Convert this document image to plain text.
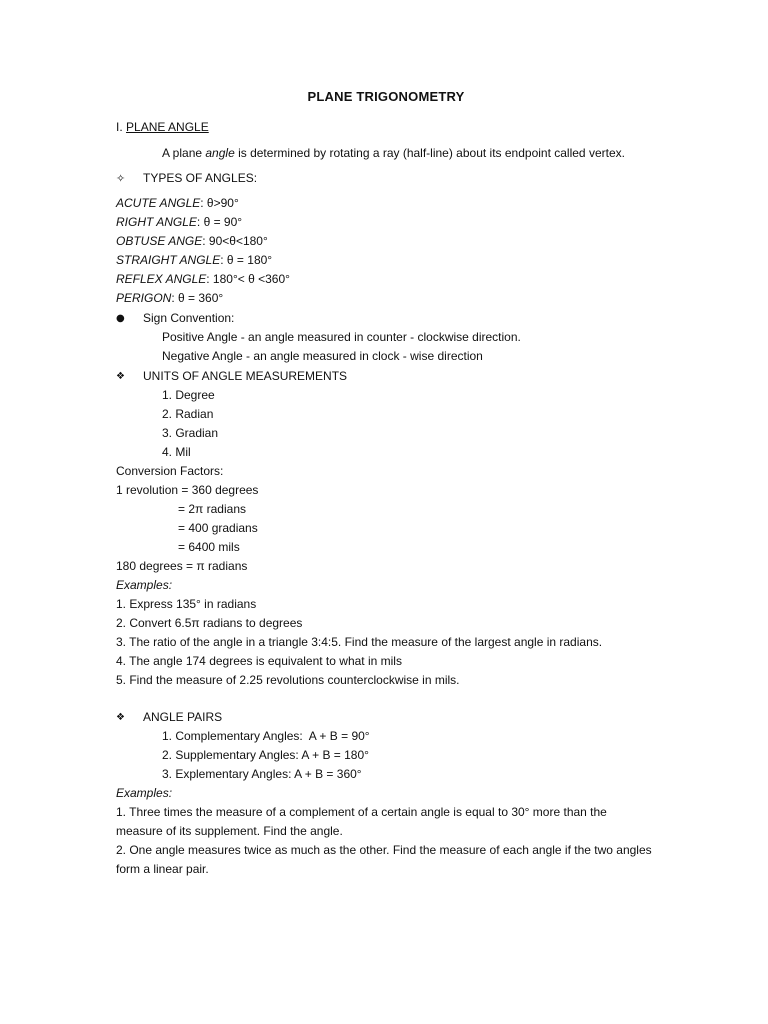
PLANE TRIGONOMETRY
I. PLANE ANGLE
A plane angle is determined by rotating a ray (half-line) about its endpoint called vertex.
✧
TYPES OF ANGLES:
ACUTE ANGLE: θ>90°
RIGHT ANGLE: θ = 90°
OBTUSE ANGE: 90<θ<180°
STRAIGHT ANGLE: θ = 180°
REFLEX ANGLE: 180°< θ <360°
PERIGON: θ = 360°
●
Sign Convention:
Positive Angle - an angle measured in counter - clockwise direction.
Negative Angle - an angle measured in clock - wise direction
❖
UNITS OF ANGLE MEASUREMENTS
1. Degree
2. Radian
3. Gradian
4. Mil
Conversion Factors:
1 revolution = 360 degrees
= 2π radians
= 400 gradians
= 6400 mils
180 degrees = π radians
Examples:
1. Express 135° in radians
2. Convert 6.5π radians to degrees
3. The ratio of the angle in a triangle 3:4:5. Find the measure of the largest angle in radians.
4. The angle 174 degrees is equivalent to what in mils
5. Find the measure of 2.25 revolutions counterclockwise in mils.
❖
ANGLE PAIRS
1. Complementary Angles:  A + B = 90°
2. Supplementary Angles: A + B = 180°
3. Explementary Angles: A + B = 360°
Examples:
1. Three times the measure of a complement of a certain angle is equal to 30° more than the measure of its supplement. Find the angle.
2. One angle measures twice as much as the other. Find the measure of each angle if the two angles form a linear pair.
